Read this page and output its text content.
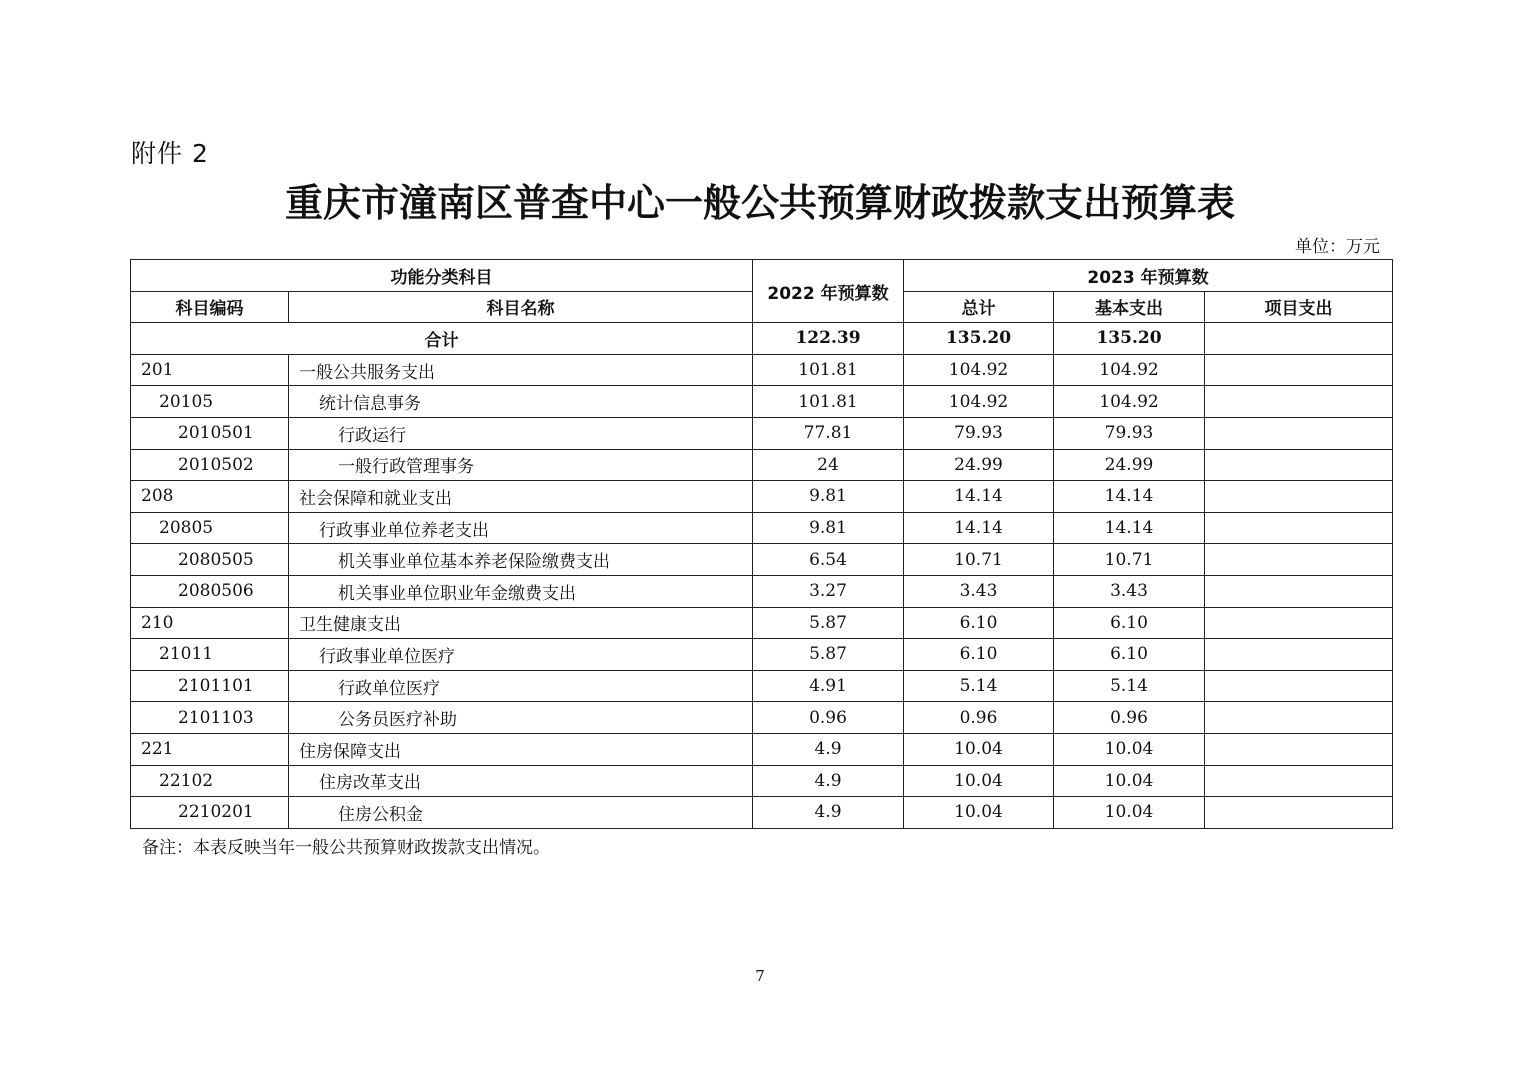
附件 2
重庆市潼南区普查中心一般公共预算财政拨款支出预算表
单位：万元
功能分类科目		2022 年预算数	2023 年预算数		
科目编码	科目名称		总计	基本支出	项目支出
合计		122.39	135.20	135.20	
201	一般公共服务支出	101.81	104.92	104.92	
20105	统计信息事务	101.81	104.92	104.92	
2010501	行政运行	77.81	79.93	79.93	
2010502	一般行政管理事务	24	24.99	24.99	
208	社会保障和就业支出	9.81	14.14	14.14	
20805	行政事业单位养老支出	9.81	14.14	14.14	
2080505	机关事业单位基本养老保险缴费支出	6.54	10.71	10.71	
2080506	机关事业单位职业年金缴费支出	3.27	3.43	3.43	
210	卫生健康支出	5.87	6.10	6.10	
21011	行政事业单位医疗	5.87	6.10	6.10	
2101101	行政单位医疗	4.91	5.14	5.14	
2101103	公务员医疗补助	0.96	0.96	0.96	
221	住房保障支出	4.9	10.04	10.04	
22102	住房改革支出	4.9	10.04	10.04	
2210201	住房公积金	4.9	10.04	10.04	
备注：本表反映当年一般公共预算财政拨款支出情况。
7
